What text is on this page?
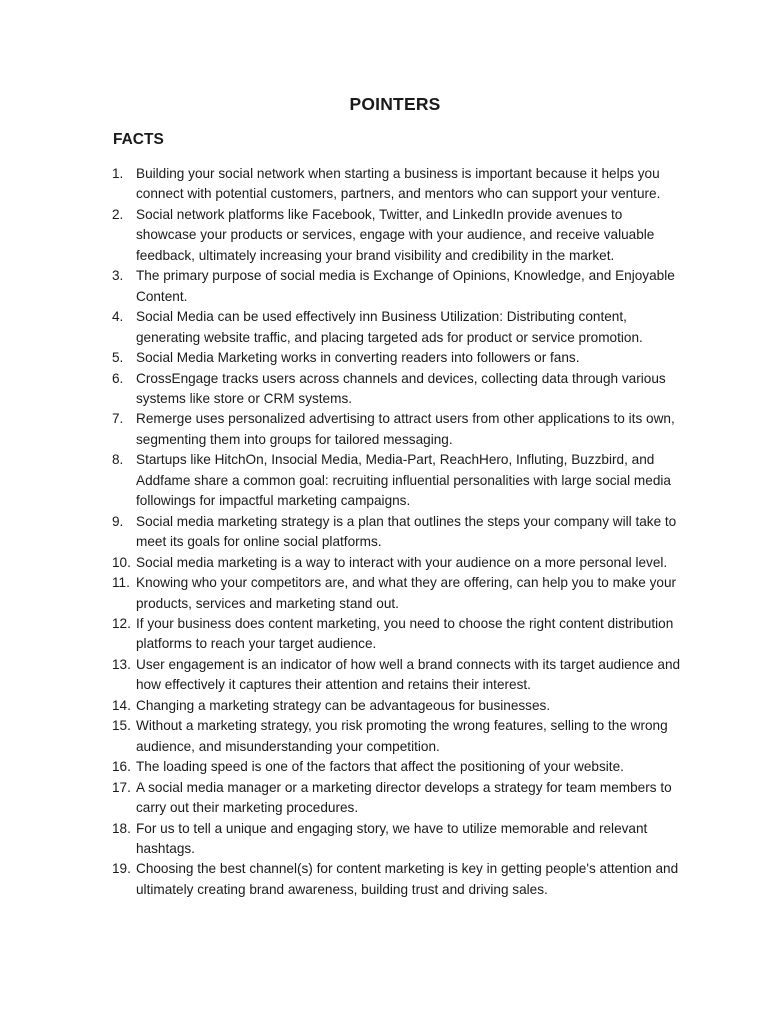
POINTERS
FACTS
1. Building your social network when starting a business is important because it helps you connect with potential customers, partners, and mentors who can support your venture.
2. Social network platforms like Facebook, Twitter, and LinkedIn provide avenues to showcase your products or services, engage with your audience, and receive valuable feedback, ultimately increasing your brand visibility and credibility in the market.
3. The primary purpose of social media is Exchange of Opinions, Knowledge, and Enjoyable Content.
4. Social Media can be used effectively inn Business Utilization: Distributing content, generating website traffic, and placing targeted ads for product or service promotion.
5. Social Media Marketing works in converting readers into followers or fans.
6. CrossEngage tracks users across channels and devices, collecting data through various systems like store or CRM systems.
7. Remerge uses personalized advertising to attract users from other applications to its own, segmenting them into groups for tailored messaging.
8. Startups like HitchOn, Insocial Media, Media-Part, ReachHero, Influting, Buzzbird, and Addfame share a common goal: recruiting influential personalities with large social media followings for impactful marketing campaigns.
9. Social media marketing strategy is a plan that outlines the steps your company will take to meet its goals for online social platforms.
10. Social media marketing is a way to interact with your audience on a more personal level.
11. Knowing who your competitors are, and what they are offering, can help you to make your products, services and marketing stand out.
12. If your business does content marketing, you need to choose the right content distribution platforms to reach your target audience.
13. User engagement is an indicator of how well a brand connects with its target audience and how effectively it captures their attention and retains their interest.
14. Changing a marketing strategy can be advantageous for businesses.
15. Without a marketing strategy, you risk promoting the wrong features, selling to the wrong audience, and misunderstanding your competition.
16. The loading speed is one of the factors that affect the positioning of your website.
17. A social media manager or a marketing director develops a strategy for team members to carry out their marketing procedures.
18. For us to tell a unique and engaging story, we have to utilize memorable and relevant hashtags.
19. Choosing the best channel(s) for content marketing is key in getting people's attention and ultimately creating brand awareness, building trust and driving sales.
